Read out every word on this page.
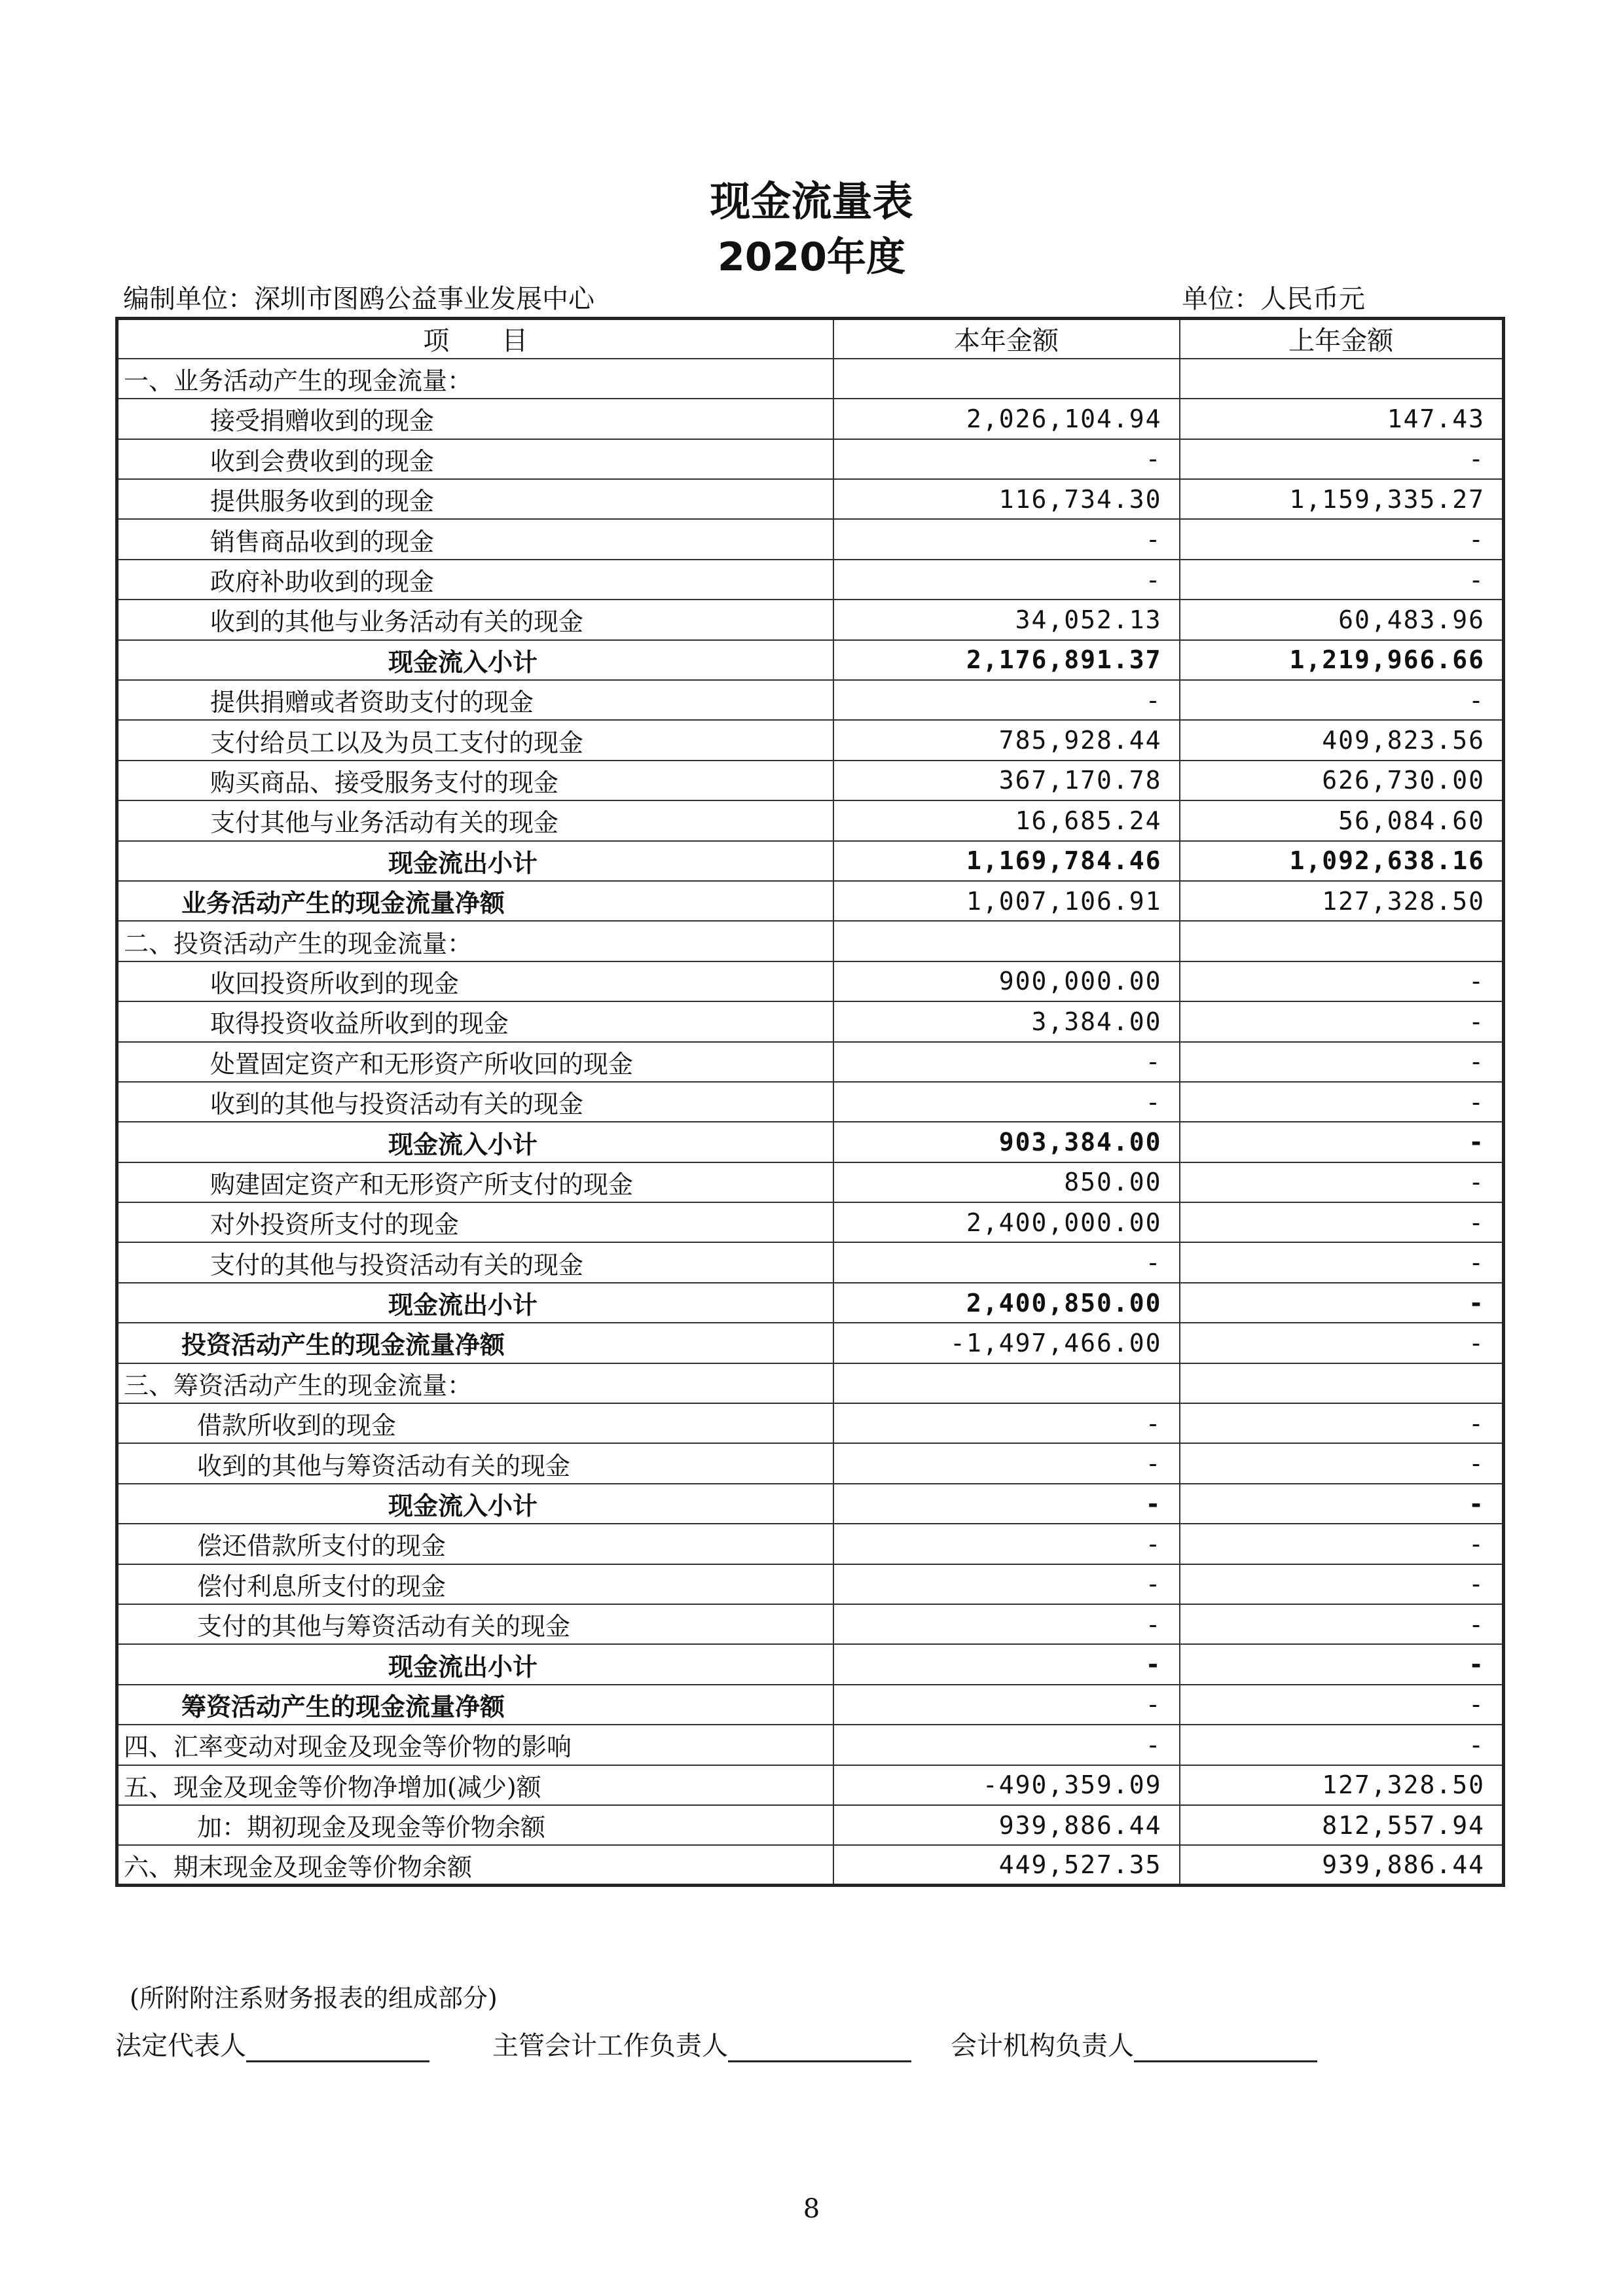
现金流量表
2020年度
编制单位：深圳市图鸥公益事业发展中心	单位：人民币元
项　　目	本年金额	上年金额
一、业务活动产生的现金流量：		
接受捐赠收到的现金	2,026,104.94	147.43
收到会费收到的现金	-	-
提供服务收到的现金	116,734.30	1,159,335.27
销售商品收到的现金	-	-
政府补助收到的现金	-	-
收到的其他与业务活动有关的现金	34,052.13	60,483.96
现金流入小计	2,176,891.37	1,219,966.66
提供捐赠或者资助支付的现金	-	-
支付给员工以及为员工支付的现金	785,928.44	409,823.56
购买商品、接受服务支付的现金	367,170.78	626,730.00
支付其他与业务活动有关的现金	16,685.24	56,084.60
现金流出小计	1,169,784.46	1,092,638.16
业务活动产生的现金流量净额	1,007,106.91	127,328.50
二、投资活动产生的现金流量：		
收回投资所收到的现金	900,000.00	-
取得投资收益所收到的现金	3,384.00	-
处置固定资产和无形资产所收回的现金	-	-
收到的其他与投资活动有关的现金	-	-
现金流入小计	903,384.00	-
购建固定资产和无形资产所支付的现金	850.00	-
对外投资所支付的现金	2,400,000.00	-
支付的其他与投资活动有关的现金	-	-
现金流出小计	2,400,850.00	-
投资活动产生的现金流量净额	-1,497,466.00	-
三、筹资活动产生的现金流量：		
借款所收到的现金	-	-
收到的其他与筹资活动有关的现金	-	-
现金流入小计	-	-
偿还借款所支付的现金	-	-
偿付利息所支付的现金	-	-
支付的其他与筹资活动有关的现金	-	-
现金流出小计	-	-
筹资活动产生的现金流量净额	-	-
四、汇率变动对现金及现金等价物的影响	-	-
五、现金及现金等价物净增加(减少)额	-490,359.09	127,328.50
加：期初现金及现金等价物余额	939,886.44	812,557.94
六、期末现金及现金等价物余额	449,527.35	939,886.44
(所附附注系财务报表的组成部分)
法定代表人	主管会计工作负责人	会计机构负责人
8
